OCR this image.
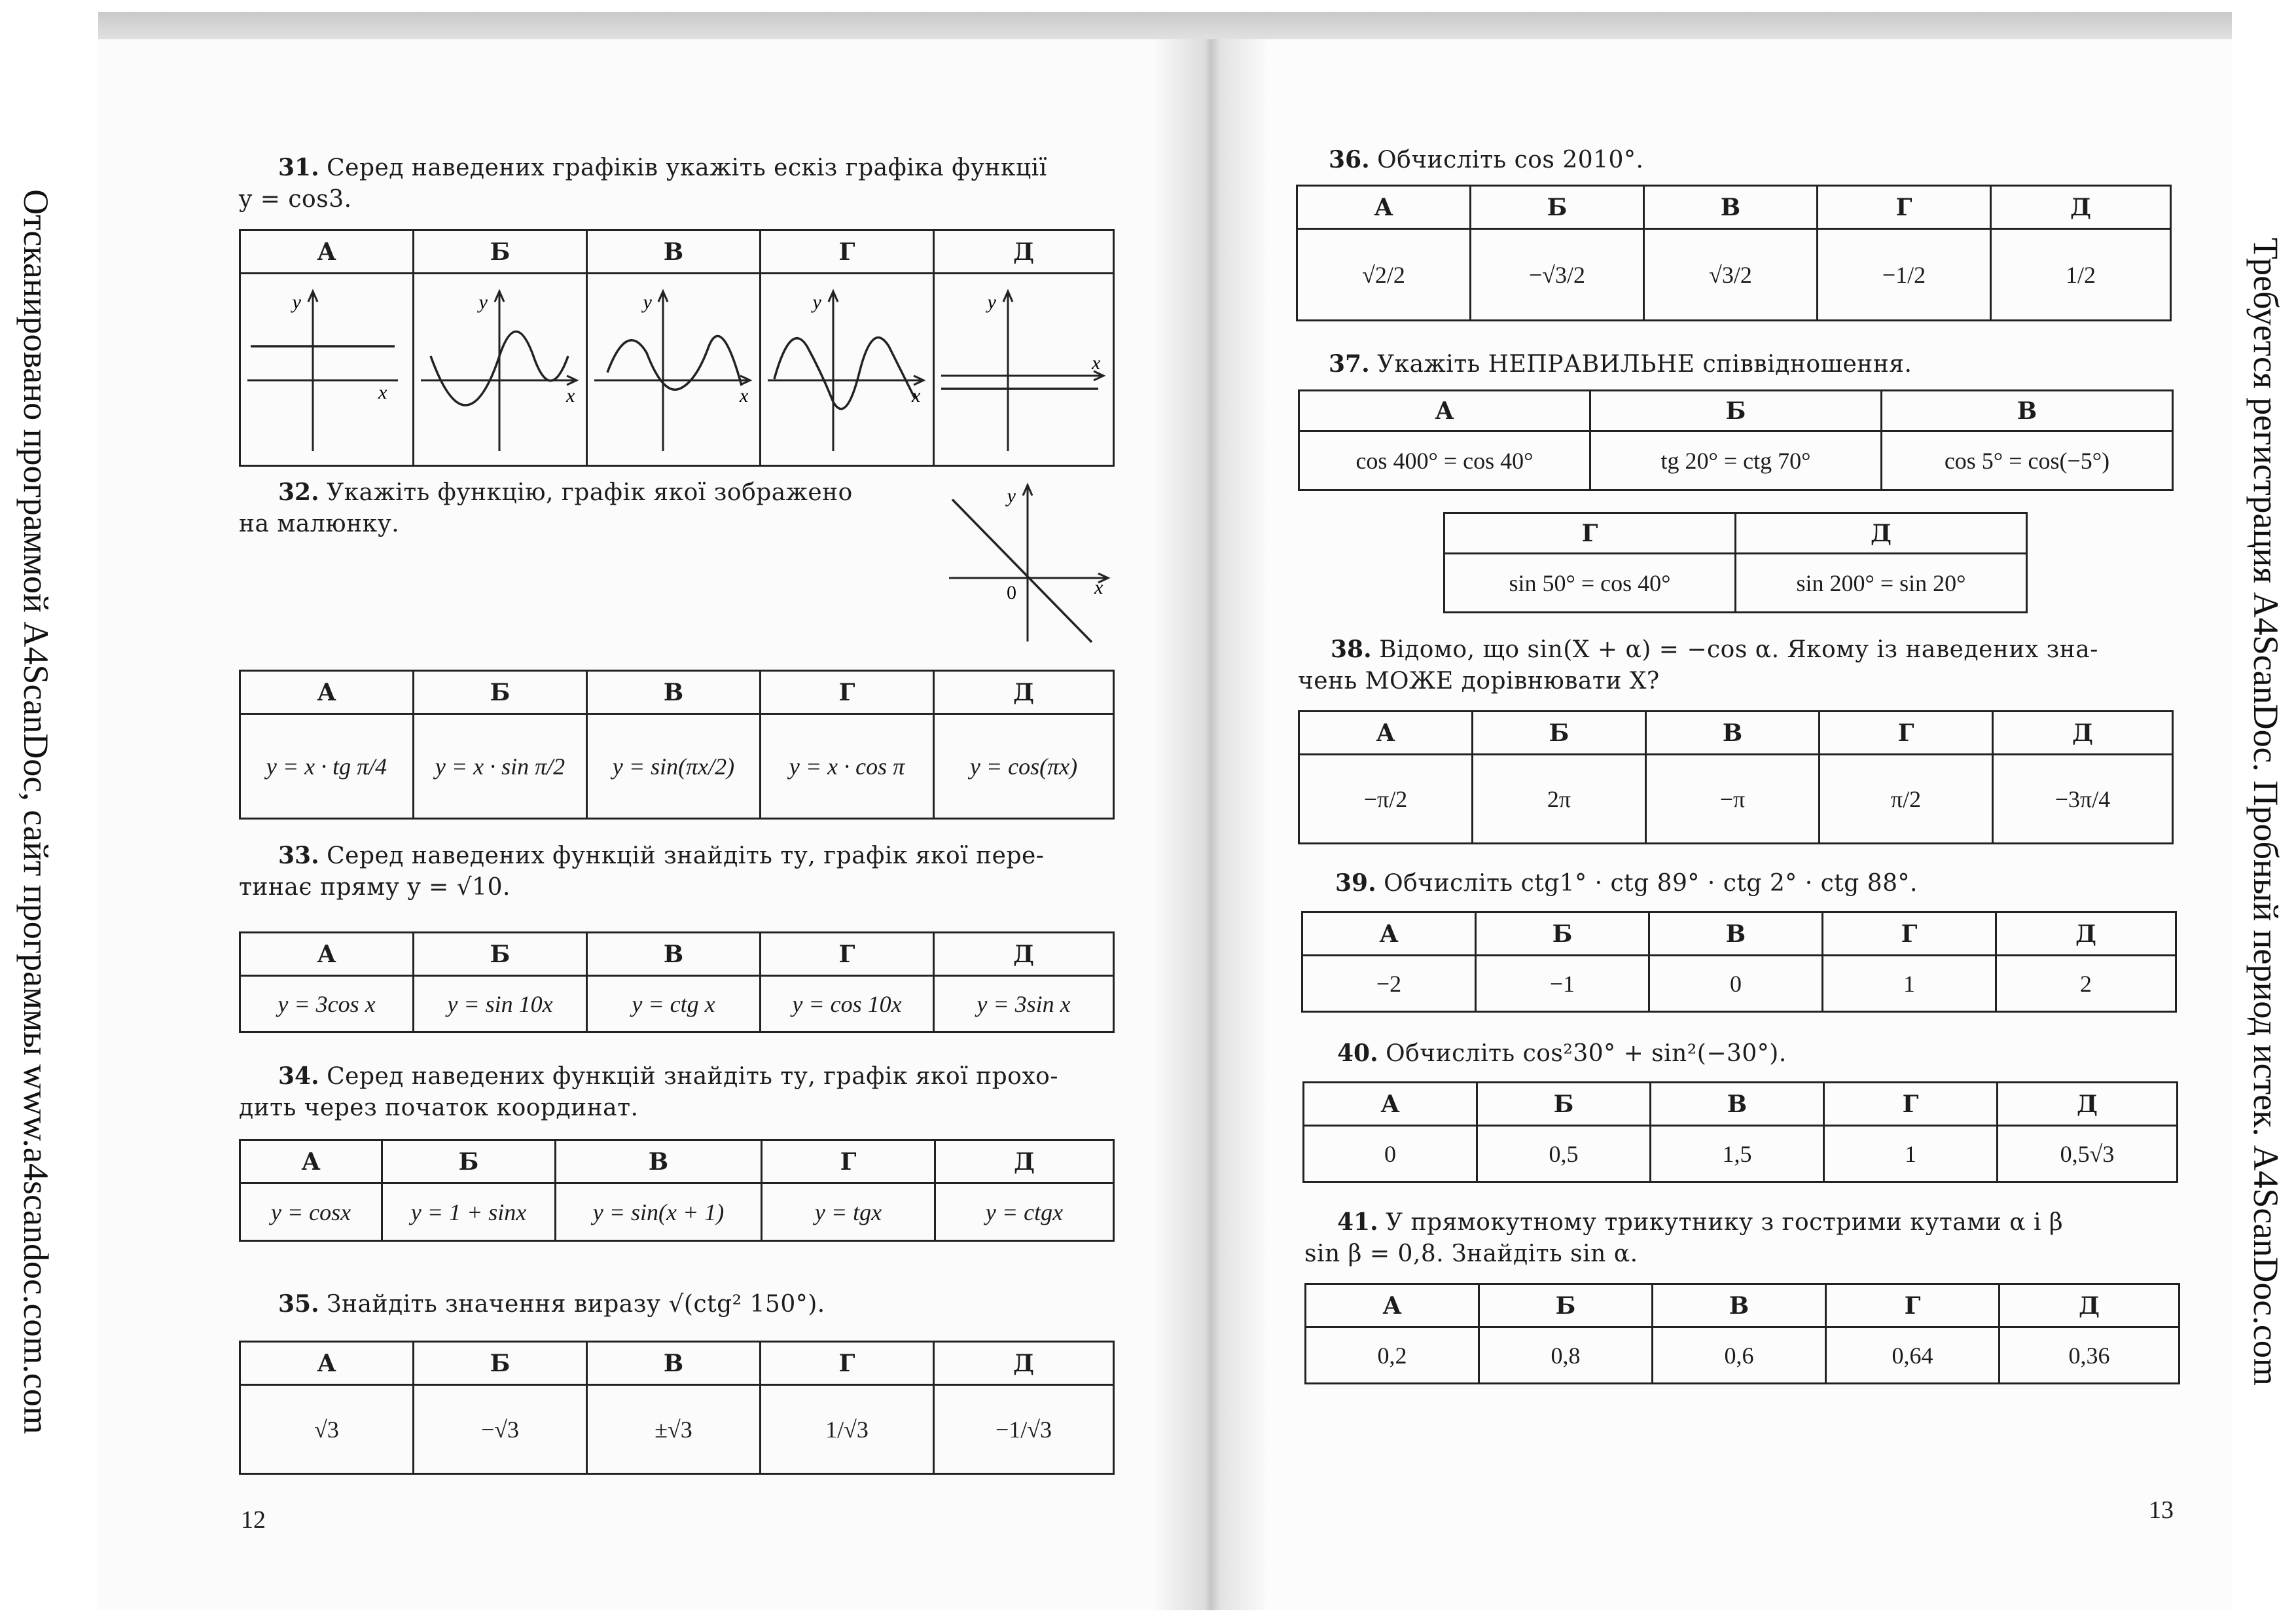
Отсканировано программой A4ScanDoc, сайт программы www.a4scandoc.com.com	Требуется регистрация A4ScanDoc. Пробный период истек. A4ScanDoc.com
31. Серед наведених графіків укажіть ескіз графіка функції
y = cos3.
А	Б	В	Г	Д

y
x	y
x	y
x	y
x	y
x
32. Укажіть функцію, графік якої зображено
на малюнку.
y
0	x
А	Б	В	Г	Д
y = x · tg π/4	y = x · sin π/2	y = sin(πx/2)	y = x · cos π	y = cos(πx)
33. Серед наведених функцій знайдіть ту, графік якої пере-
тинає пряму y = √10.
А	Б	В	Г	Д
y = 3cos x	y = sin 10x	y = ctg x	y = cos 10x	y = 3sin x
34. Серед наведених функцій знайдіть ту, графік якої прохо-
дить через початок координат.
А	Б	В	Г	Д
y = cosx	y = 1 + sinx	y = sin(x + 1)	y = tgx	y = ctgx
35. Знайдіть значення виразу √(ctg² 150°).
А	Б	В	Г	Д
√3	−√3	±√3	1/√3	−1/√3
12
36. Обчисліть cos 2010°.
А	Б	В	Г	Д
√2/2	−√3/2	√3/2	−1/2	1/2
37. Укажіть НЕПРАВИЛЬНЕ співвідношення.
А	Б	В
cos 400° = cos 40°	tg 20° = ctg 70°	cos 5° = cos(−5°)
Г	Д
sin 50° = cos 40°	sin 200° = sin 20°
38. Відомо, що sin(X + α) = −cos α. Якому із наведених зна-
чень МОЖЕ дорівнювати X?
А	Б	В	Г	Д
−π/2	2π	−π	π/2	−3π/4
39. Обчисліть ctg1° · ctg 89° · ctg 2° · ctg 88°.
А	Б	В	Г	Д
−2	−1	0	1	2
40. Обчисліть cos²30° + sin²(−30°).
А	Б	В	Г	Д
0	0,5	1,5	1	0,5√3
41. У прямокутному трикутнику з гострими кутами α і β
sin β = 0,8. Знайдіть sin α.
А	Б	В	Г	Д
0,2	0,8	0,6	0,64	0,36
13
